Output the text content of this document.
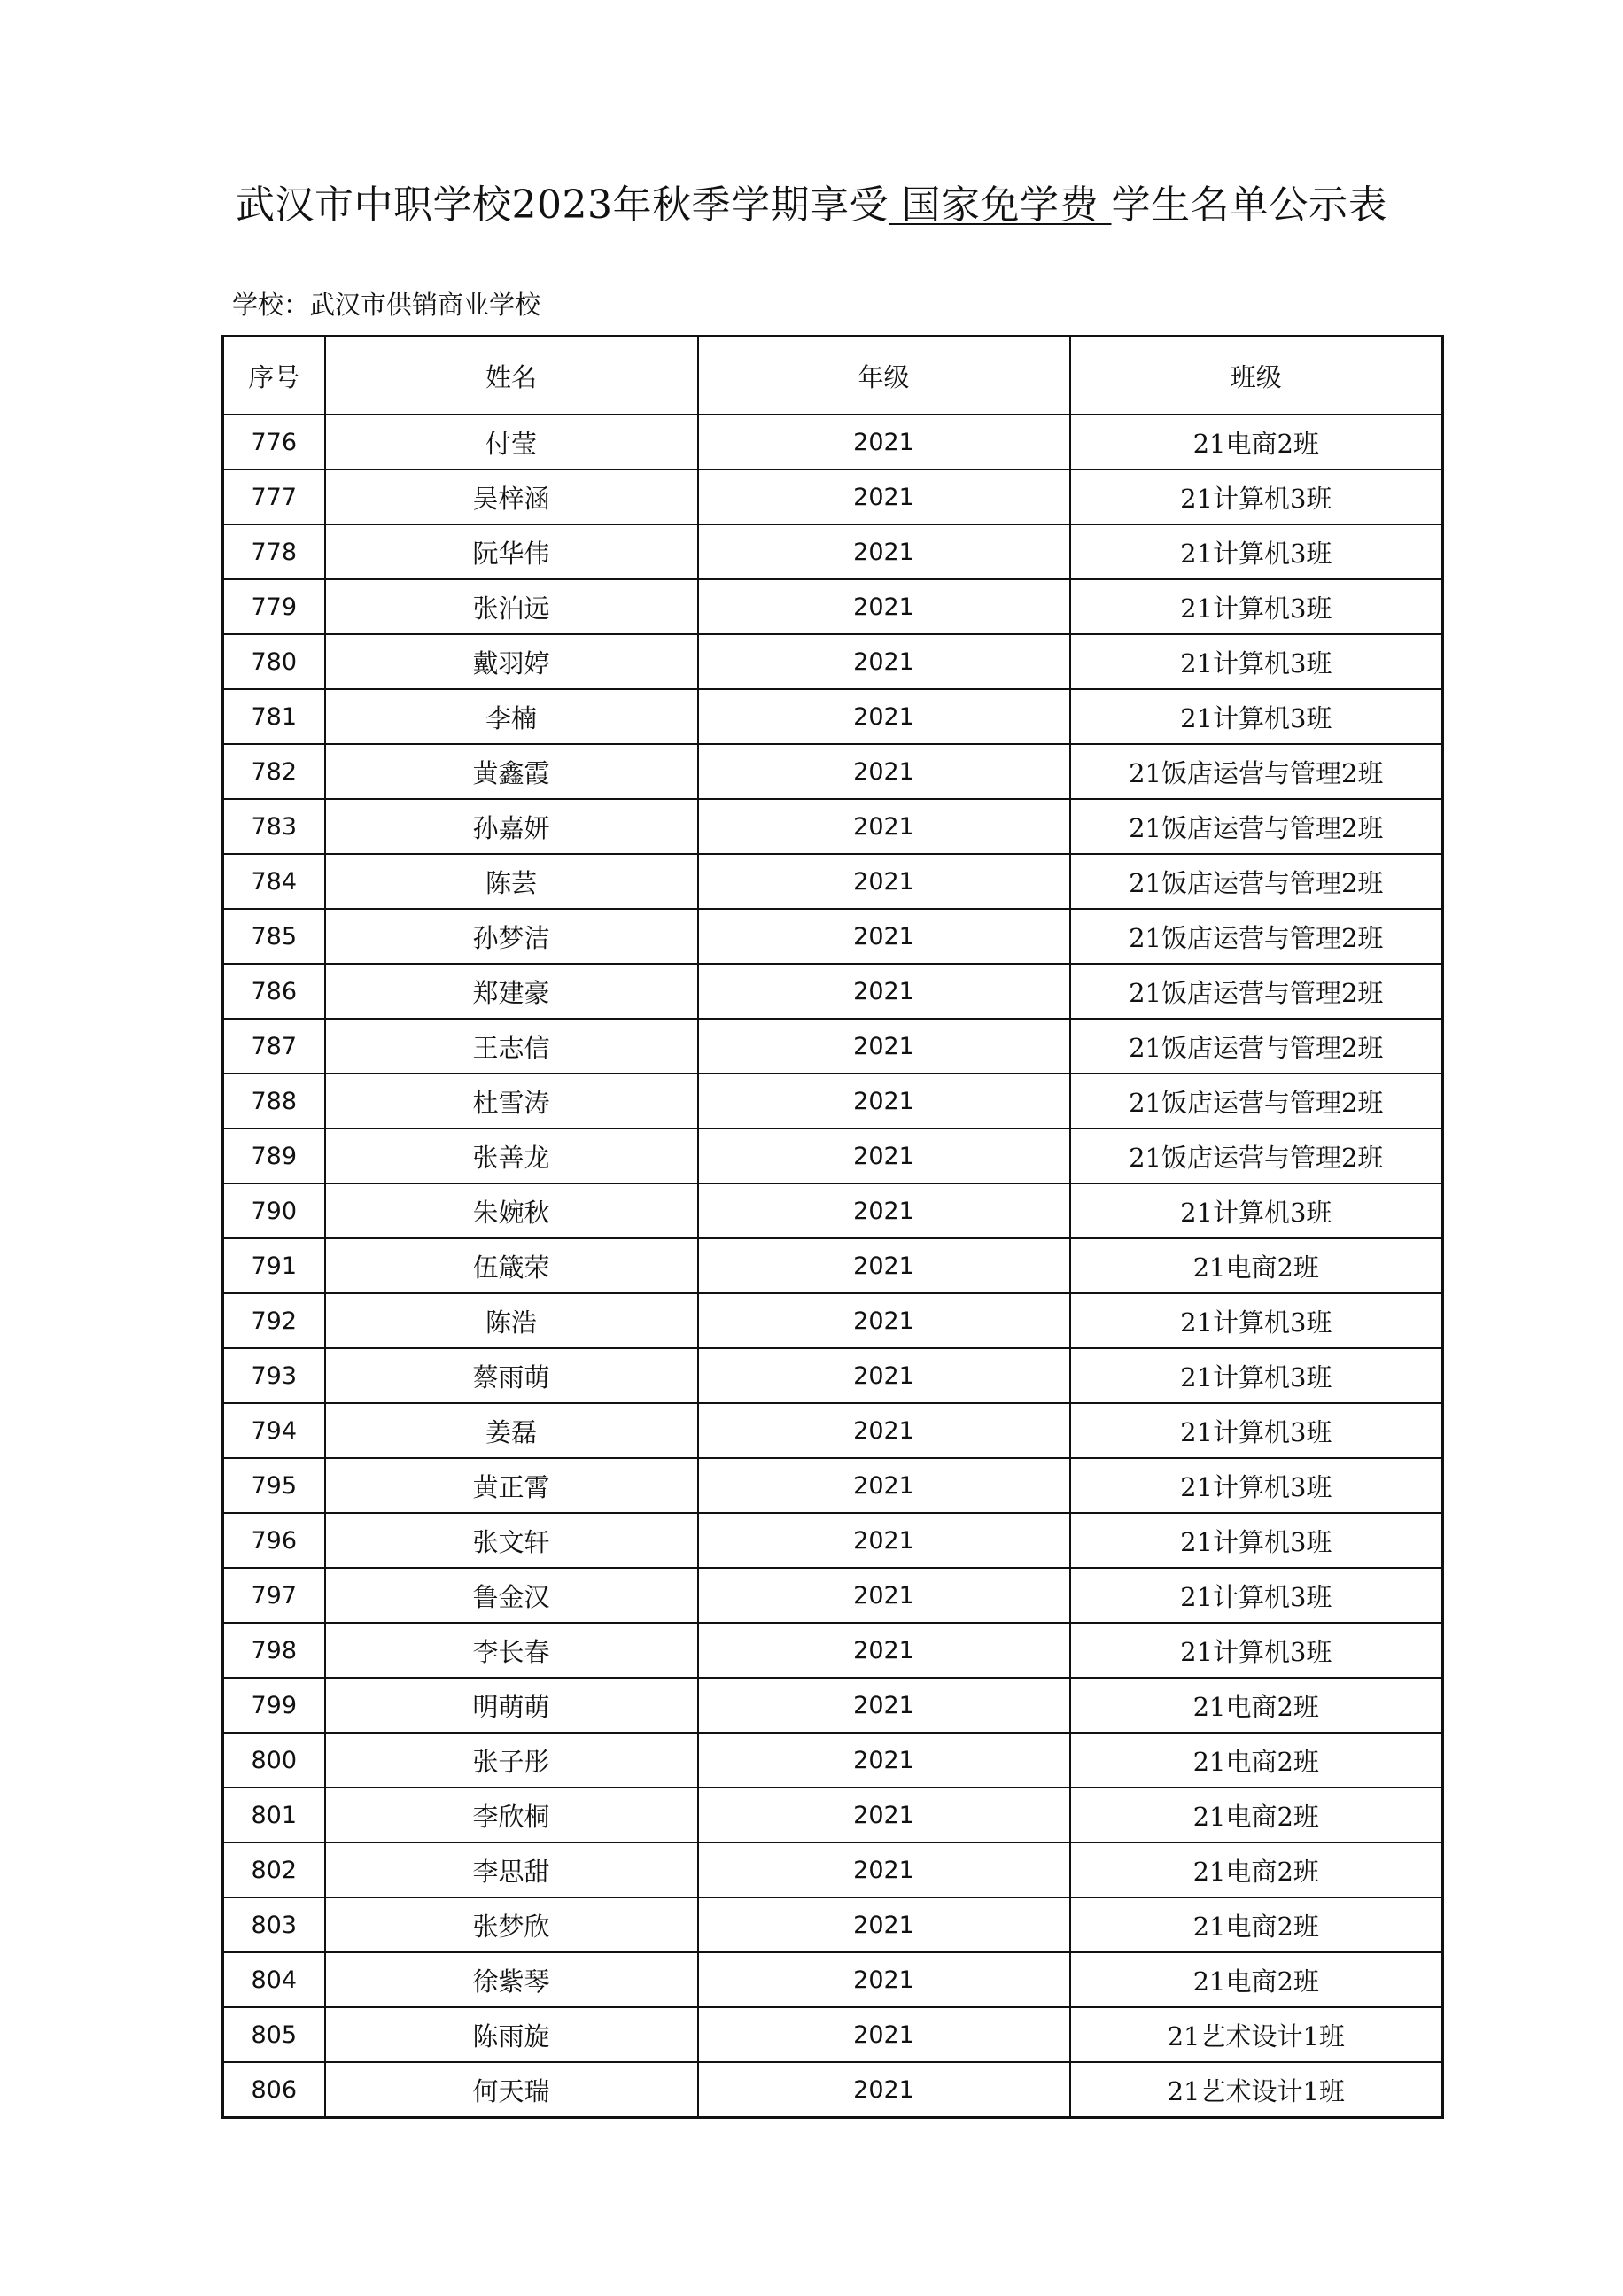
武汉市中职学校2023年秋季学期享受 国家免学费 学生名单公示表
学校：武汉市供销商业学校
序号	姓名	年级	班级
776	付莹	2021	21电商2班
777	吴梓涵	2021	21计算机3班
778	阮华伟	2021	21计算机3班
779	张泊远	2021	21计算机3班
780	戴羽婷	2021	21计算机3班
781	李楠	2021	21计算机3班
782	黄鑫霞	2021	21饭店运营与管理2班
783	孙嘉妍	2021	21饭店运营与管理2班
784	陈芸	2021	21饭店运营与管理2班
785	孙梦洁	2021	21饭店运营与管理2班
786	郑建豪	2021	21饭店运营与管理2班
787	王志信	2021	21饭店运营与管理2班
788	杜雪涛	2021	21饭店运营与管理2班
789	张善龙	2021	21饭店运营与管理2班
790	朱婉秋	2021	21计算机3班
791	伍箴荣	2021	21电商2班
792	陈浩	2021	21计算机3班
793	蔡雨萌	2021	21计算机3班
794	姜磊	2021	21计算机3班
795	黄正霄	2021	21计算机3班
796	张文轩	2021	21计算机3班
797	鲁金汉	2021	21计算机3班
798	李长春	2021	21计算机3班
799	明萌萌	2021	21电商2班
800	张子彤	2021	21电商2班
801	李欣桐	2021	21电商2班
802	李思甜	2021	21电商2班
803	张梦欣	2021	21电商2班
804	徐紫琴	2021	21电商2班
805	陈雨旋	2021	21艺术设计1班
806	何天瑞	2021	21艺术设计1班
